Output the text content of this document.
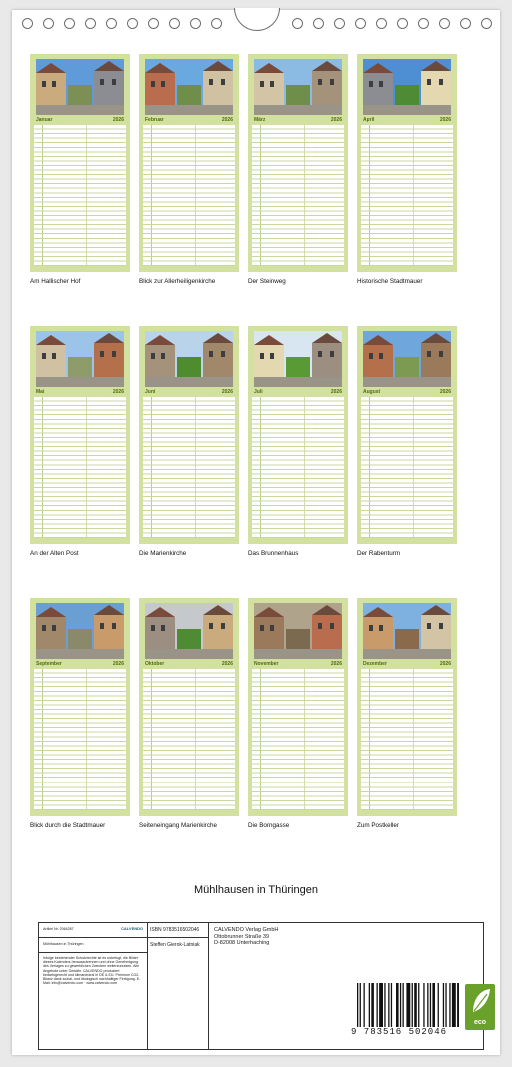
Januar	2026
Am Hallischer Hof
Februar	2026
Blick zur Allerheiligenkirche
März	2026
Der Steinweg
April	2026
Historische Stadtmauer
Mai	2026
An der Alten Post
Juni	2026
Die Marienkirche
Juli	2026
Das Brunnenhaus
August	2026
Der Rabenturm
September	2026
Blick durch die Stadtmauer
Oktober	2026
Seiteneingang Marienkirche
November	2026
Die Borngasse
Dezember	2026
Zum Postkeller
Mühlhausen in Thüringen
Artikel Nr. 2064287	CALVENDO
Mühlhausen in Thüringen
Infolge bestehender Schutzrechte ist es unbefugt, die Bilder dieses Kalenders herauszutrennen und ohne Genehmigung des Verlages zu gewerblichen Zwecken weiterzunutzen. Alle Angebote unter Gewähr. CALVENDO produziert bedarfsgerecht und klimaneutral in DE & EU. Premium CO2-Bilanz dank sozial- und ökologisch nachhaltiger Fertigung. E-Mail: info@calvendo.com · www.calvendo.com
ISBN 9783516502046
Steffen Gierok-Latniak
CALVENDO Verlag GmbH
Ottobrunner Straße 39
D-82008 Unterhaching
9 783516 502046
eco
